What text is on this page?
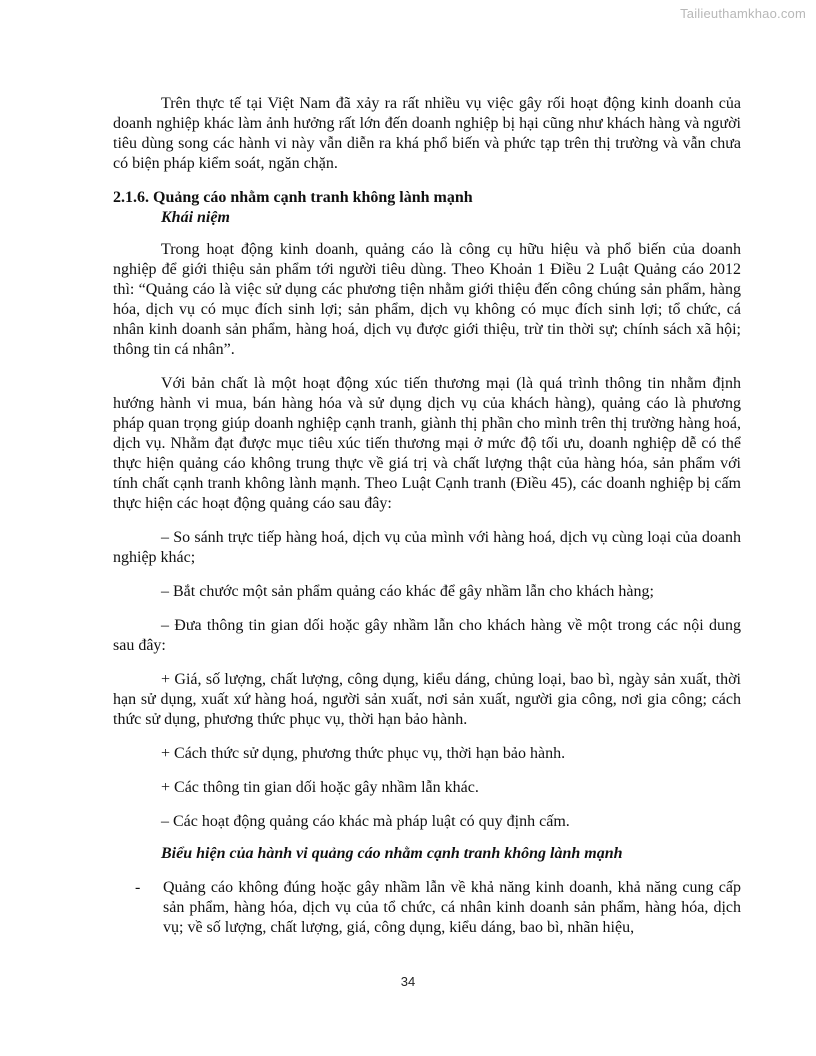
Tailieuthamkhao.com

Trên thực tế tại Việt Nam đã xảy ra rất nhiều vụ việc gây rối hoạt động kinh doanh của doanh nghiệp khác làm ảnh hưởng rất lớn đến doanh nghiệp bị hại cũng như khách hàng và người tiêu dùng song các hành vi này vẫn diễn ra khá phổ biến và phức tạp trên thị trường và vẫn chưa có biện pháp kiểm soát, ngăn chặn.

2.1.6. Quảng cáo nhằm cạnh tranh không lành mạnh

Khái niệm

Trong hoạt động kinh doanh, quảng cáo là công cụ hữu hiệu và phổ biến của doanh nghiệp để giới thiệu sản phẩm tới người tiêu dùng. Theo Khoản 1 Điều 2 Luật Quảng cáo 2012 thì: “Quảng cáo là việc sử dụng các phương tiện nhằm giới thiệu đến công chúng sản phẩm, hàng hóa, dịch vụ có mục đích sinh lợi; sản phẩm, dịch vụ không có mục đích sinh lợi; tổ chức, cá nhân kinh doanh sản phẩm, hàng hoá, dịch vụ được giới thiệu, trừ tin thời sự; chính sách xã hội; thông tin cá nhân”.

Với bản chất là một hoạt động xúc tiến thương mại (là quá trình thông tin nhằm định hướng hành vi mua, bán hàng hóa và sử dụng dịch vụ của khách hàng), quảng cáo là phương pháp quan trọng giúp doanh nghiệp cạnh tranh, giành thị phần cho mình trên thị trường hàng hoá, dịch vụ. Nhằm đạt được mục tiêu xúc tiến thương mại ở mức độ tối ưu, doanh nghiệp dễ có thể thực hiện quảng cáo không trung thực về giá trị và chất lượng thật của hàng hóa, sản phẩm với tính chất cạnh tranh không lành mạnh. Theo Luật Cạnh tranh (Điều 45), các doanh nghiệp bị cấm thực hiện các hoạt động quảng cáo sau đây:

– So sánh trực tiếp hàng hoá, dịch vụ của mình với hàng hoá, dịch vụ cùng loại của doanh nghiệp khác;

– Bắt chước một sản phẩm quảng cáo khác để gây nhầm lẫn cho khách hàng;

– Đưa thông tin gian dối hoặc gây nhầm lẫn cho khách hàng về một trong các nội dung sau đây:

+ Giá, số lượng, chất lượng, công dụng, kiểu dáng, chủng loại, bao bì, ngày sản xuất, thời hạn sử dụng, xuất xứ hàng hoá, người sản xuất, nơi sản xuất, người gia công, nơi gia công; cách thức sử dụng, phương thức phục vụ, thời hạn bảo hành.

+ Cách thức sử dụng, phương thức phục vụ, thời hạn bảo hành.

+ Các thông tin gian dối hoặc gây nhầm lẫn khác.

– Các hoạt động quảng cáo khác mà pháp luật có quy định cấm.

Biểu hiện của hành vi quảng cáo nhằm cạnh tranh không lành mạnh

-	Quảng cáo không đúng hoặc gây nhầm lẫn về khả năng kinh doanh, khả năng cung cấp sản phẩm, hàng hóa, dịch vụ của tổ chức, cá nhân kinh doanh sản phẩm, hàng hóa, dịch vụ; về số lượng, chất lượng, giá, công dụng, kiểu dáng, bao bì, nhãn hiệu,
34
